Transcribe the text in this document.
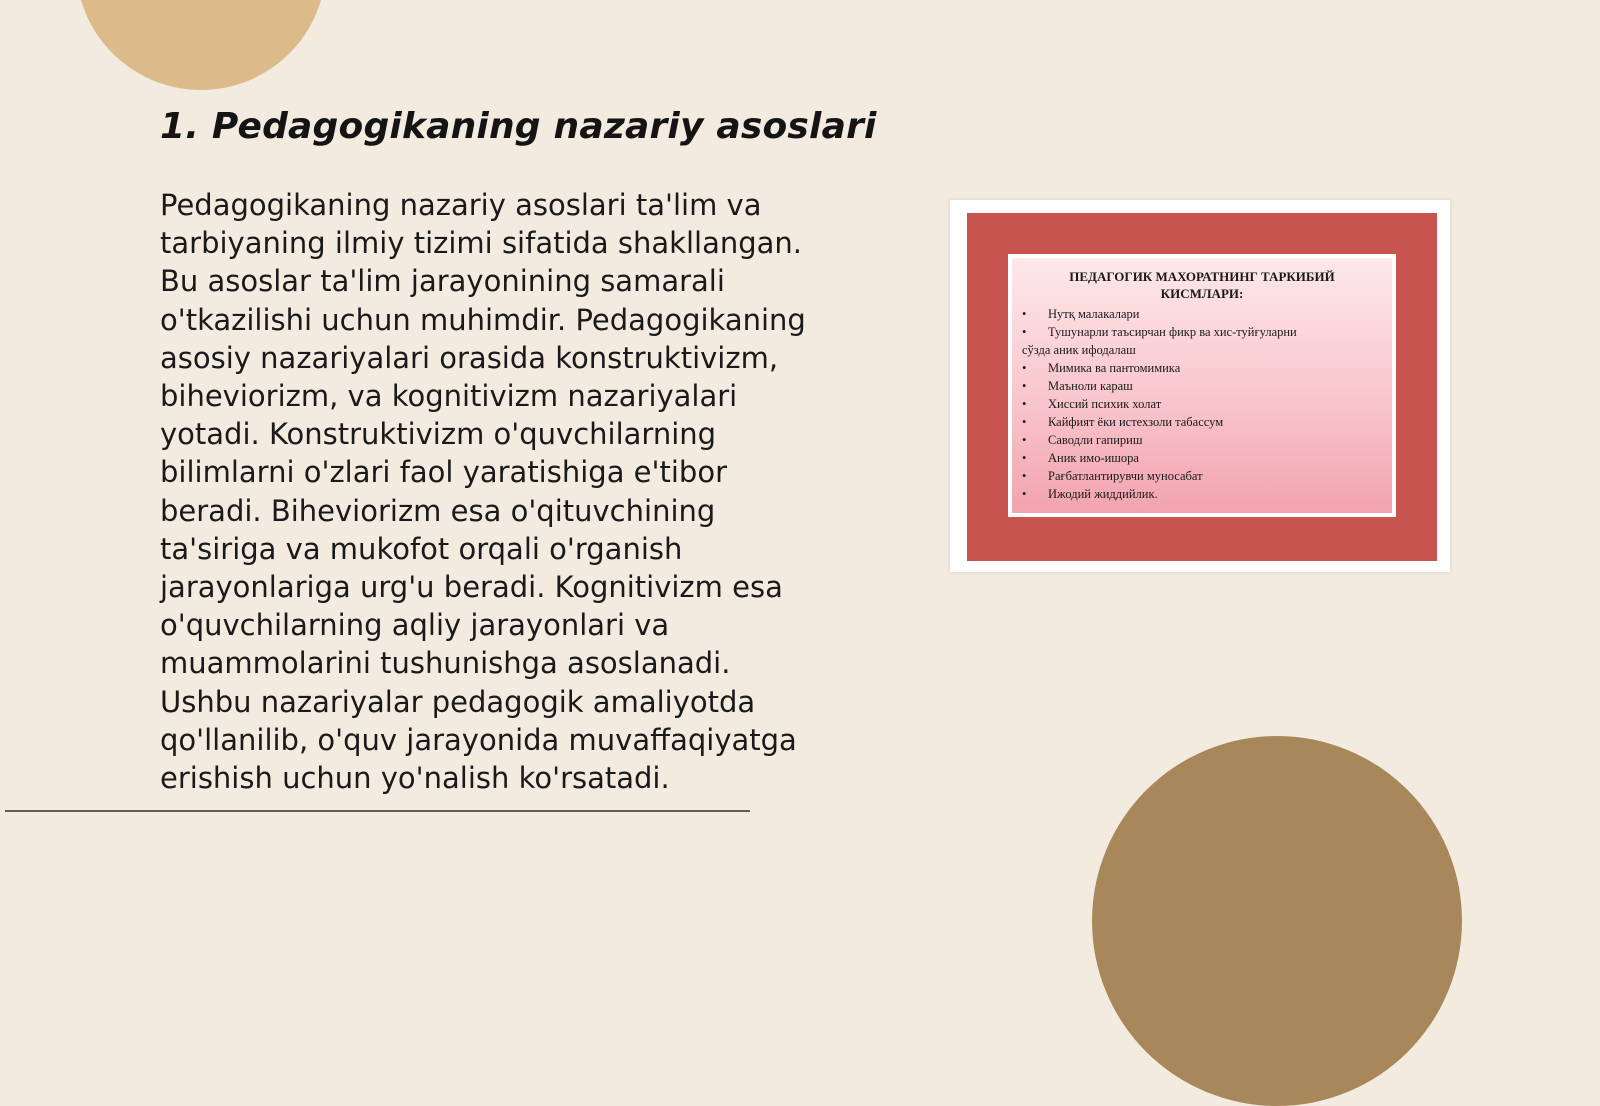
1. Pedagogikaning nazariy asoslari
Pedagogikaning nazariy asoslari ta'lim va
tarbiyaning ilmiy tizimi sifatida shakllangan.
Bu asoslar ta'lim jarayonining samarali
o'tkazilishi uchun muhimdir. Pedagogikaning
asosiy nazariyalari orasida konstruktivizm,
biheviorizm, va kognitivizm nazariyalari
yotadi. Konstruktivizm o'quvchilarning
bilimlarni o'zlari faol yaratishiga e'tibor
beradi. Biheviorizm esa o'qituvchining
ta'siriga va mukofot orqali o'rganish
jarayonlariga urg'u beradi. Kognitivizm esa
o'quvchilarning aqliy jarayonlari va
muammolarini tushunishga asoslanadi.
Ushbu nazariyalar pedagogik amaliyotda
qo'llanilib, o'quv jarayonida muvaffaqiyatga
erishish uchun yo'nalish ko'rsatadi.

ПЕДАГОГИК МАХОРАТНИНГ ТАРКИБИЙ
КИСМЛАРИ:

• Нутқ малакалари
• Тушунарли таъсирчан фикр ва хис-туйғуларни
сўзда аник ифодалаш
• Мимика ва пантомимика
• Маъноли караш
• Хиссий психик холат
• Кайфият ёки истехзоли табассум
• Саводли гапириш
• Аник имо-ишора
• Рағбатлантирувчи муносабат
• Ижодий жиддийлик.
